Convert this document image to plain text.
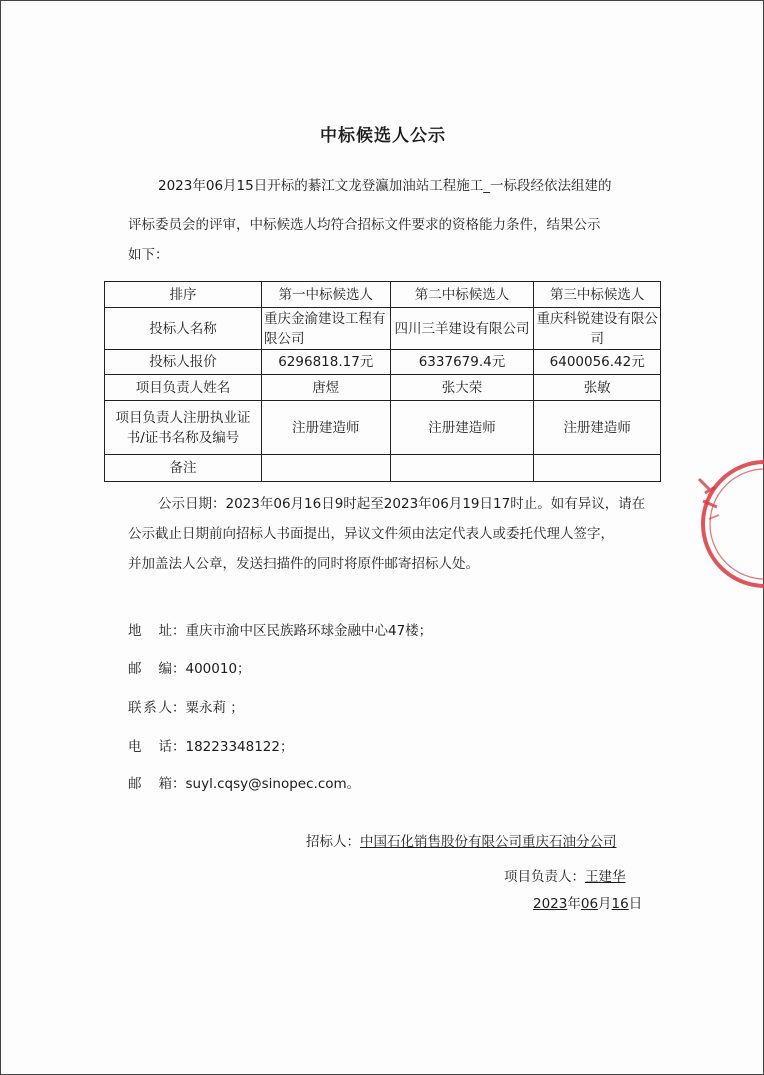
中标候选人公示
2023年06月15日开标的綦江文龙登瀛加油站工程施工_一标段经依法组建的
评标委员会的评审，中标候选人均符合招标文件要求的资格能力条件，结果公示
如下：
排序	第一中标候选人	第二中标候选人	第三中标候选人
投标人名称	重庆金渝建设工程有限公司	四川三羊建设有限公司	重庆科锐建设有限公司
投标人报价	6296818.17元	6337679.4元	6400056.42元
项目负责人姓名	唐煜	张大荣	张敏
项目负责人注册执业证书/证书名称及编号	注册建造师	注册建造师	注册建造师
备注			
公示日期：2023年06月16日9时起至2023年06月19日17时止。如有异议，请在
公示截止日期前向招标人书面提出，异议文件须由法定代表人或委托代理人签字，
并加盖法人公章，发送扫描件的同时将原件邮寄招标人处。
地址：重庆市渝中区民族路环球金融中心47楼；
邮编：400010；
联系人：粟永莉 ；
电话：18223348122；
邮箱：suyl.cqsy@sinopec.com。
招标人：中国石化销售股份有限公司重庆石油分公司
项目负责人：王建华
2023年06月16日
